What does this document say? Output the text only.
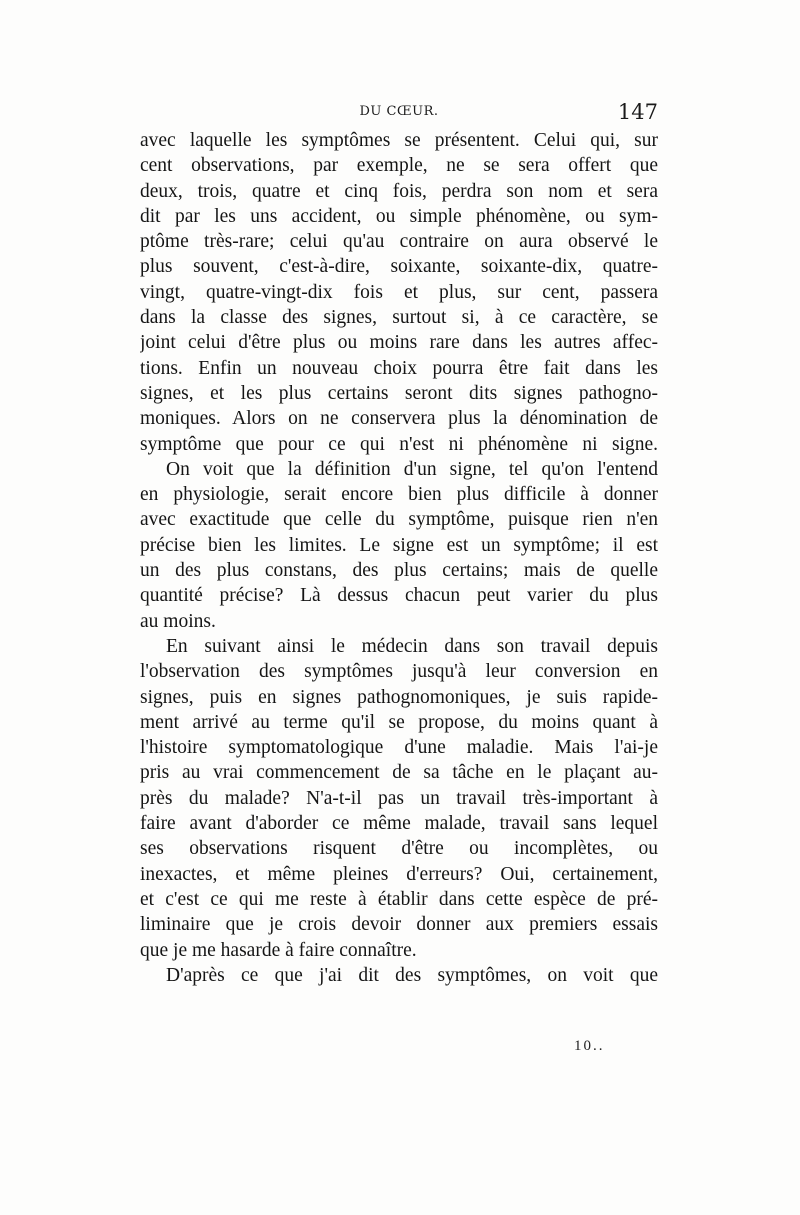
DU CŒUR.	147
avec laquelle les symptômes se présentent. Celui qui, sur
cent observations, par exemple, ne se sera offert que
deux, trois, quatre et cinq fois, perdra son nom et sera
dit par les uns accident, ou simple phénomène, ou sym-
ptôme très-rare; celui qu'au contraire on aura observé le
plus souvent, c'est-à-dire, soixante, soixante-dix, quatre-
vingt, quatre-vingt-dix fois et plus, sur cent, passera
dans la classe des signes, surtout si, à ce caractère, se
joint celui d'être plus ou moins rare dans les autres affec-
tions. Enfin un nouveau choix pourra être fait dans les
signes, et les plus certains seront dits signes pathogno-
moniques. Alors on ne conservera plus la dénomination de
symptôme que pour ce qui n'est ni phénomène ni signe.
On voit que la définition d'un signe, tel qu'on l'entend
en physiologie, serait encore bien plus difficile à donner
avec exactitude que celle du symptôme, puisque rien n'en
précise bien les limites. Le signe est un symptôme; il est
un des plus constans, des plus certains; mais de quelle
quantité précise? Là dessus chacun peut varier du plus
au moins.
En suivant ainsi le médecin dans son travail depuis
l'observation des symptômes jusqu'à leur conversion en
signes, puis en signes pathognomoniques, je suis rapide-
ment arrivé au terme qu'il se propose, du moins quant à
l'histoire symptomatologique d'une maladie. Mais l'ai-je
pris au vrai commencement de sa tâche en le plaçant au-
près du malade? N'a-t-il pas un travail très-important à
faire avant d'aborder ce même malade, travail sans lequel
ses observations risquent d'être ou incomplètes, ou
inexactes, et même pleines d'erreurs? Oui, certainement,
et c'est ce qui me reste à établir dans cette espèce de pré-
liminaire que je crois devoir donner aux premiers essais
que je me hasarde à faire connaître.
D'après ce que j'ai dit des symptômes, on voit que
10..
